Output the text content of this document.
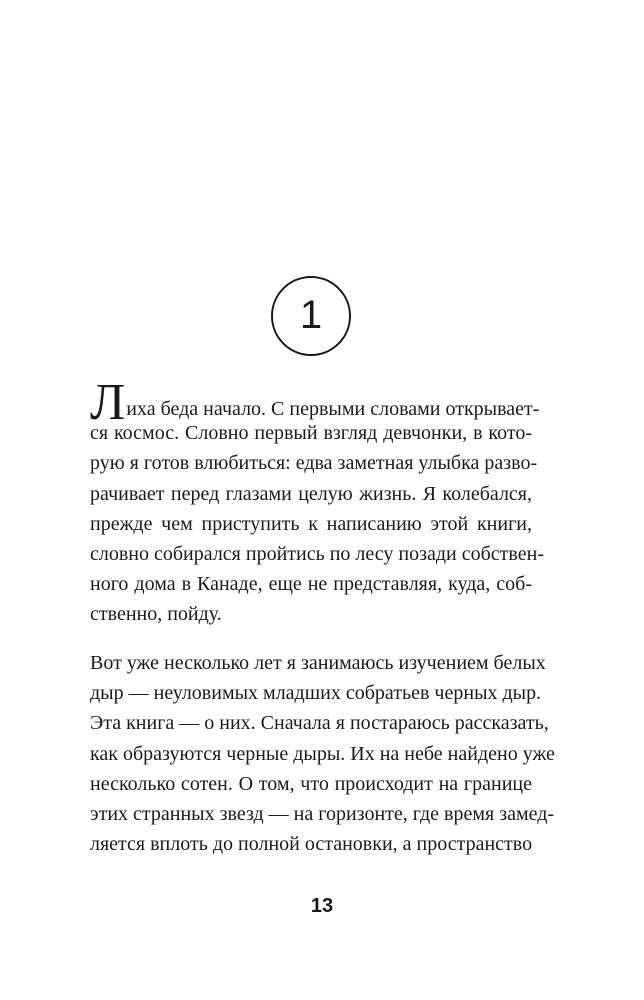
1
Лиха беда начало. С первыми словами открывает-
ся космос. Словно первый взгляд девчонки, в кото-
рую я готов влюбиться: едва заметная улыбка разво-
рачивает перед глазами целую жизнь. Я колебался,
прежде чем приступить к написанию этой книги,
словно собирался пройтись по лесу позади собствен-
ного дома в Канаде, еще не представляя, куда, соб-
ственно, пойду.
Вот уже несколько лет я занимаюсь изучением белых
дыр — неуловимых младших собратьев черных дыр.
Эта книга — о них. Сначала я постараюсь рассказать,
как образуются черные дыры. Их на небе найдено уже
несколько сотен. О том, что происходит на границе
этих странных звезд — на горизонте, где время замед-
ляется вплоть до полной остановки, а пространство
13
